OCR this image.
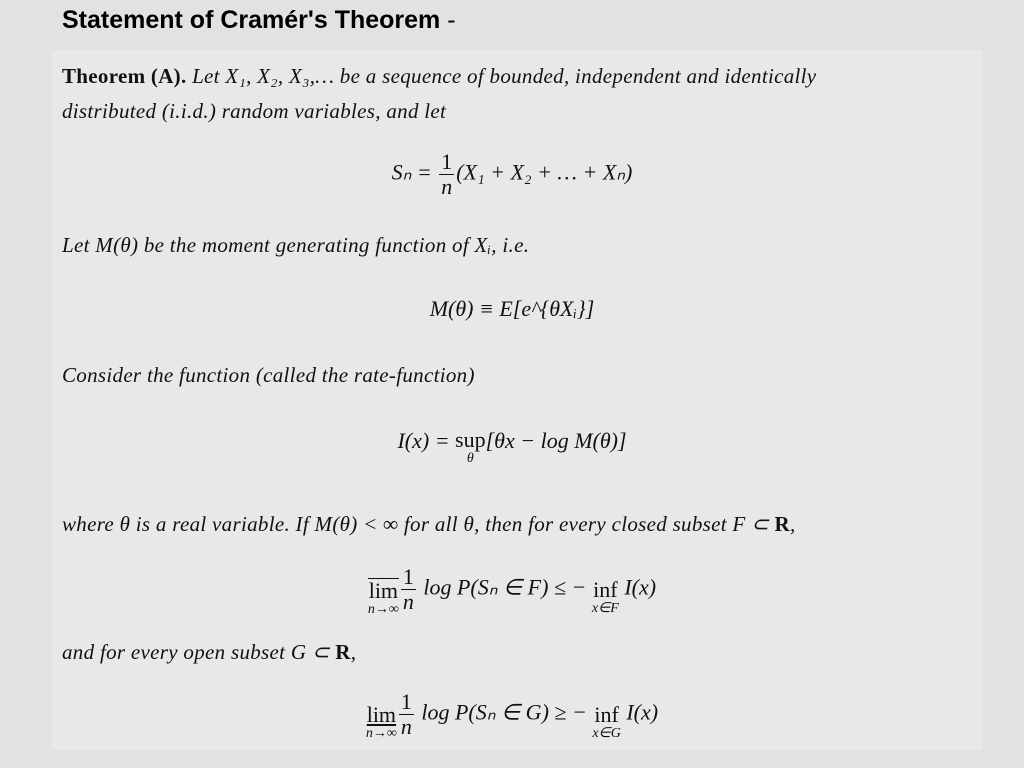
Statement of Cramér's Theorem -
Theorem (A). Let X₁, X₂, X₃,… be a sequence of bounded, independent and identically
distributed (i.i.d.) random variables, and let
$S_n = \frac{1}{n} (X_1 + X_2$ + … + Xₙ)
Let M(θ) be the moment generating function of Xᵢ, i.e.
M(θ) ≡ E[e^{θXᵢ}]
Consider the function (called the rate-function)
I(x) = sup
θ
[θx − log M(θ)]
where θ is a real variable. If M(θ) < ∞ for all θ, then for every closed subset F ⊂ R,
lim
$n\to\infty \frac{1}{n}$ log P(Sₙ ∈ F) ≤ − inf
x∈F
I(x)
and for every open subset G ⊂ R,
lim
$n\to\infty \frac{1}{n}$ log P(Sₙ ∈ G) ≥ − inf
x∈G
I(x)
